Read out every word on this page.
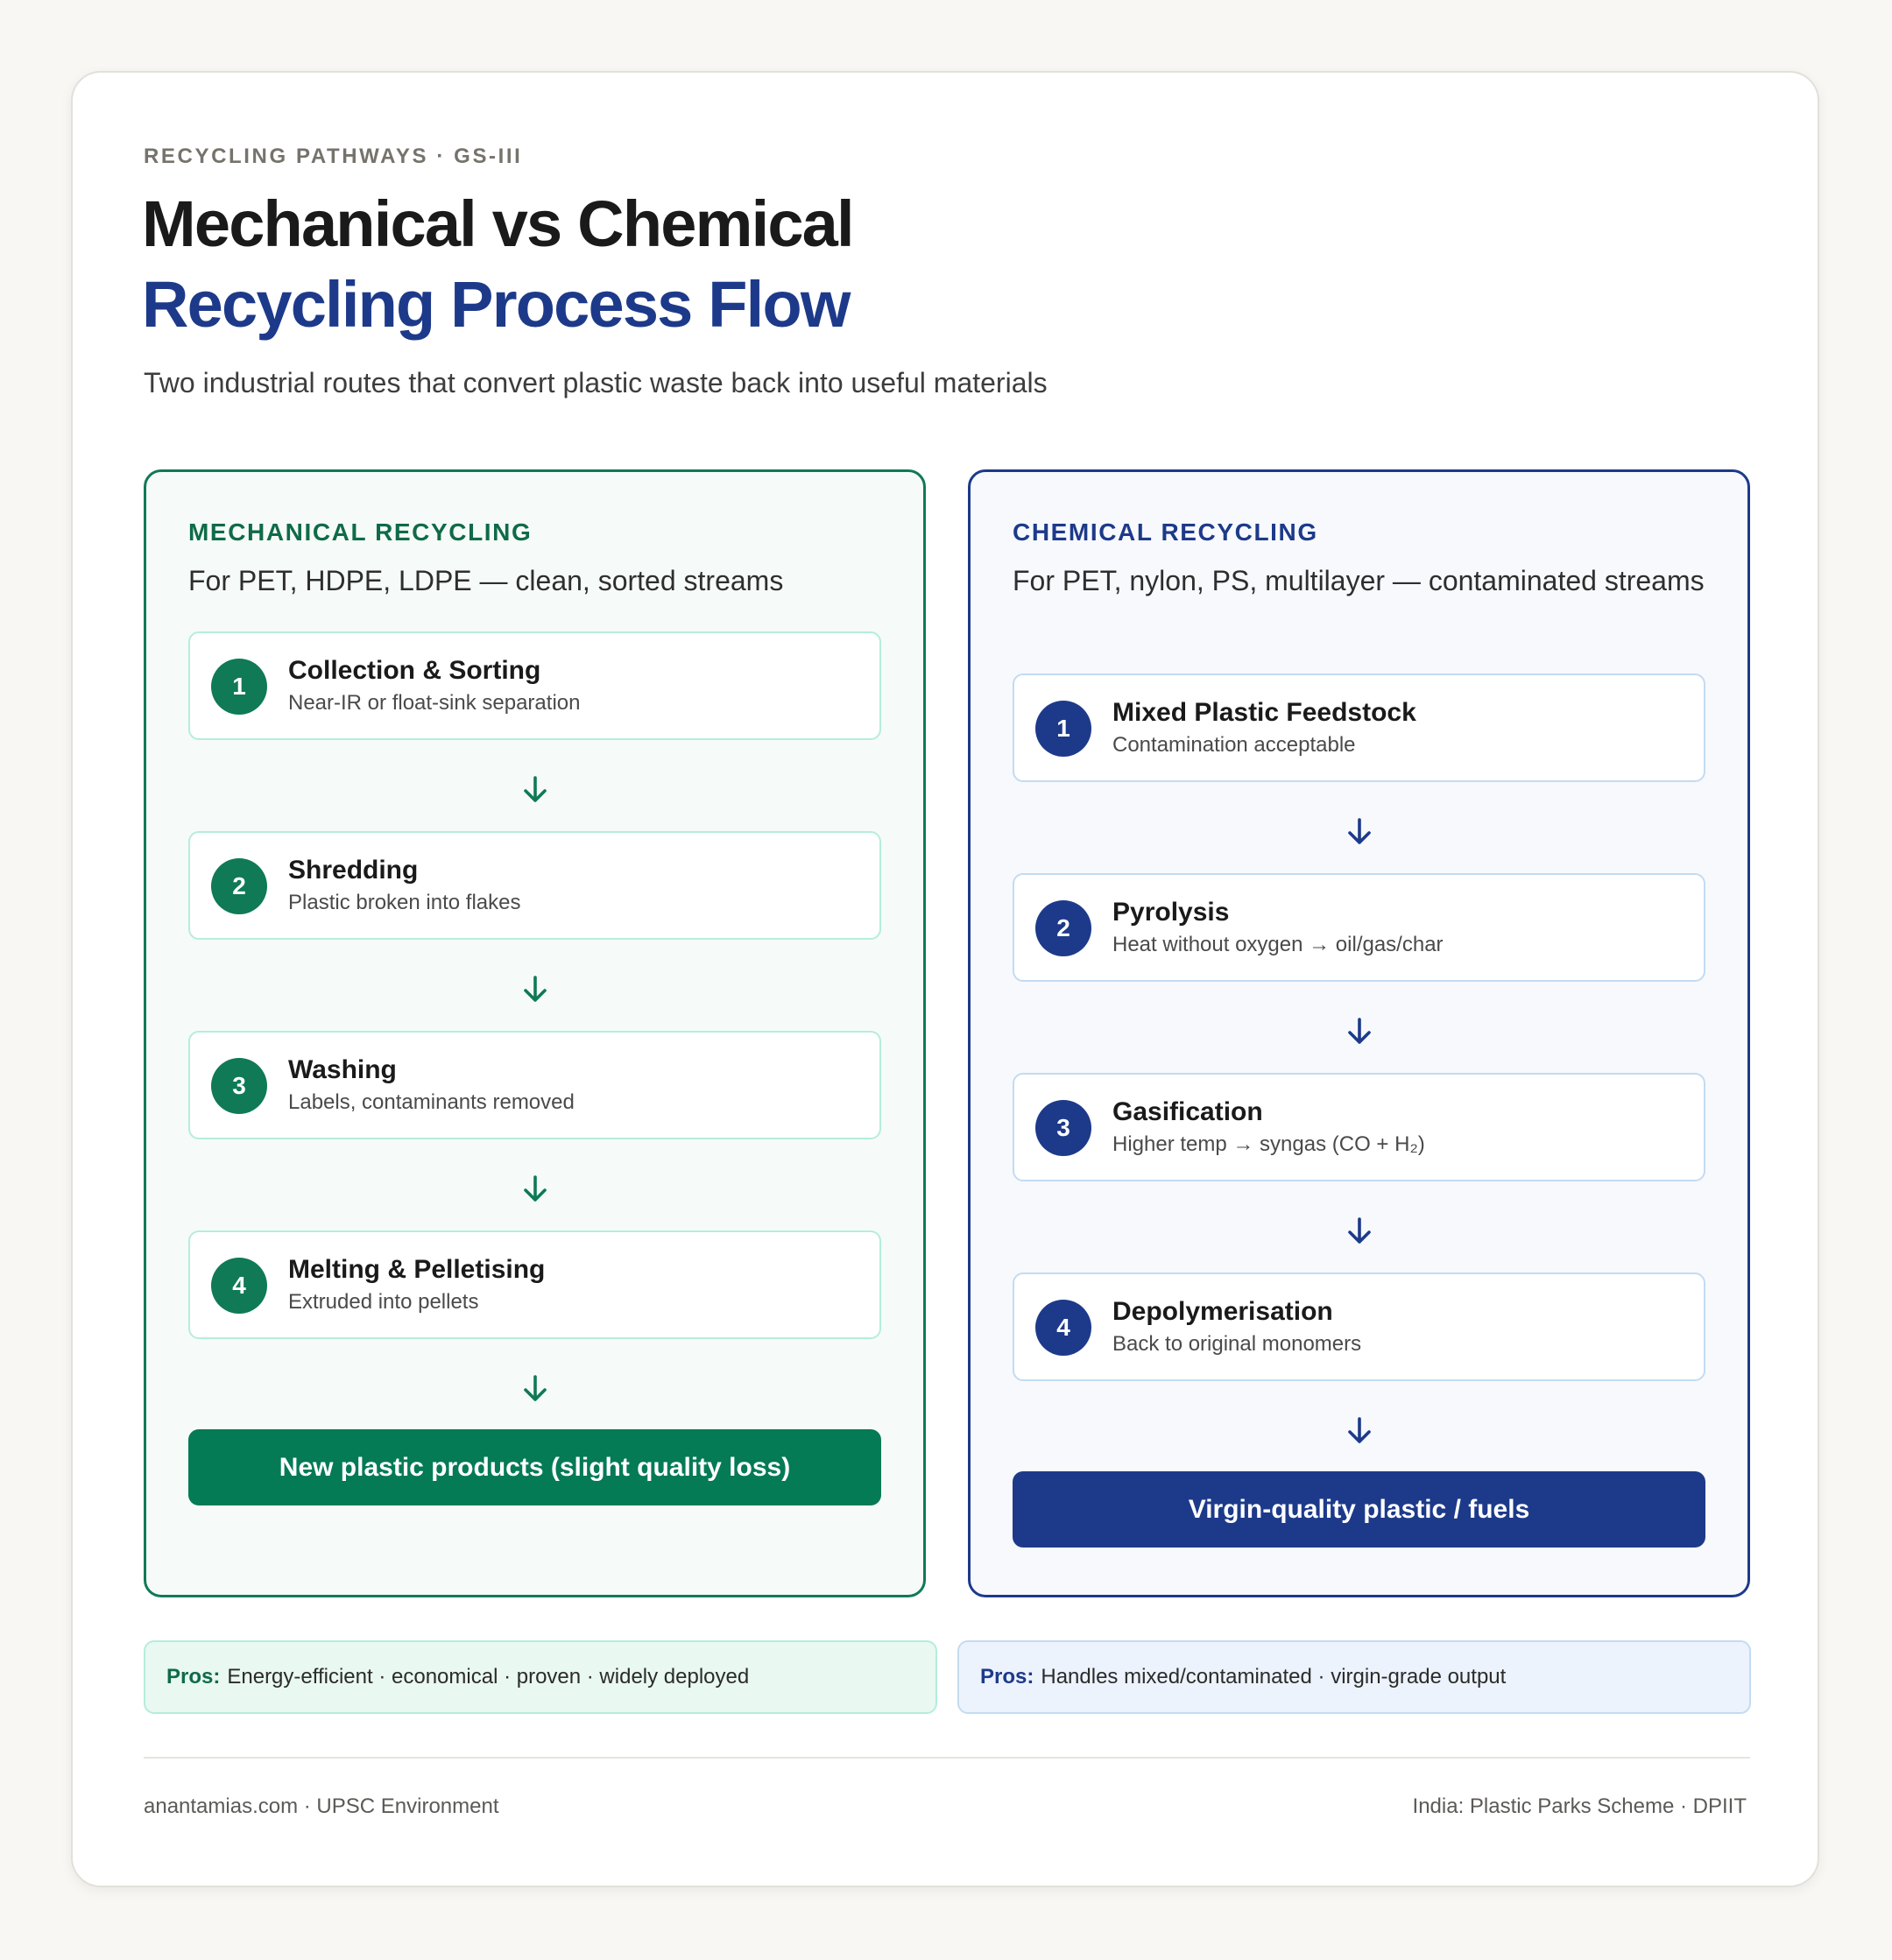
RECYCLING PATHWAYS · GS-III
Mechanical vs Chemical
Recycling Process Flow
Two industrial routes that convert plastic waste back into useful materials
MECHANICAL RECYCLING
For PET, HDPE, LDPE — clean, sorted streams
1
Collection & Sorting
Near-IR or float-sink separation
2
Shredding
Plastic broken into flakes
3
Washing
Labels, contaminants removed
4
Melting & Pelletising
Extruded into pellets
New plastic products (slight quality loss)
CHEMICAL RECYCLING
For PET, nylon, PS, multilayer — contaminated streams
1
Mixed Plastic Feedstock
Contamination acceptable
2
Pyrolysis
Heat without oxygen → oil/gas/char
3
Gasification
Higher temp → syngas (CO + H₂)
4
Depolymerisation
Back to original monomers
Virgin-quality plastic / fuels
Pros: Energy-efficient · economical · proven · widely deployed	Pros: Handles mixed/contaminated · virgin-grade output
anantamias.com · UPSC Environment	India: Plastic Parks Scheme · DPIIT
